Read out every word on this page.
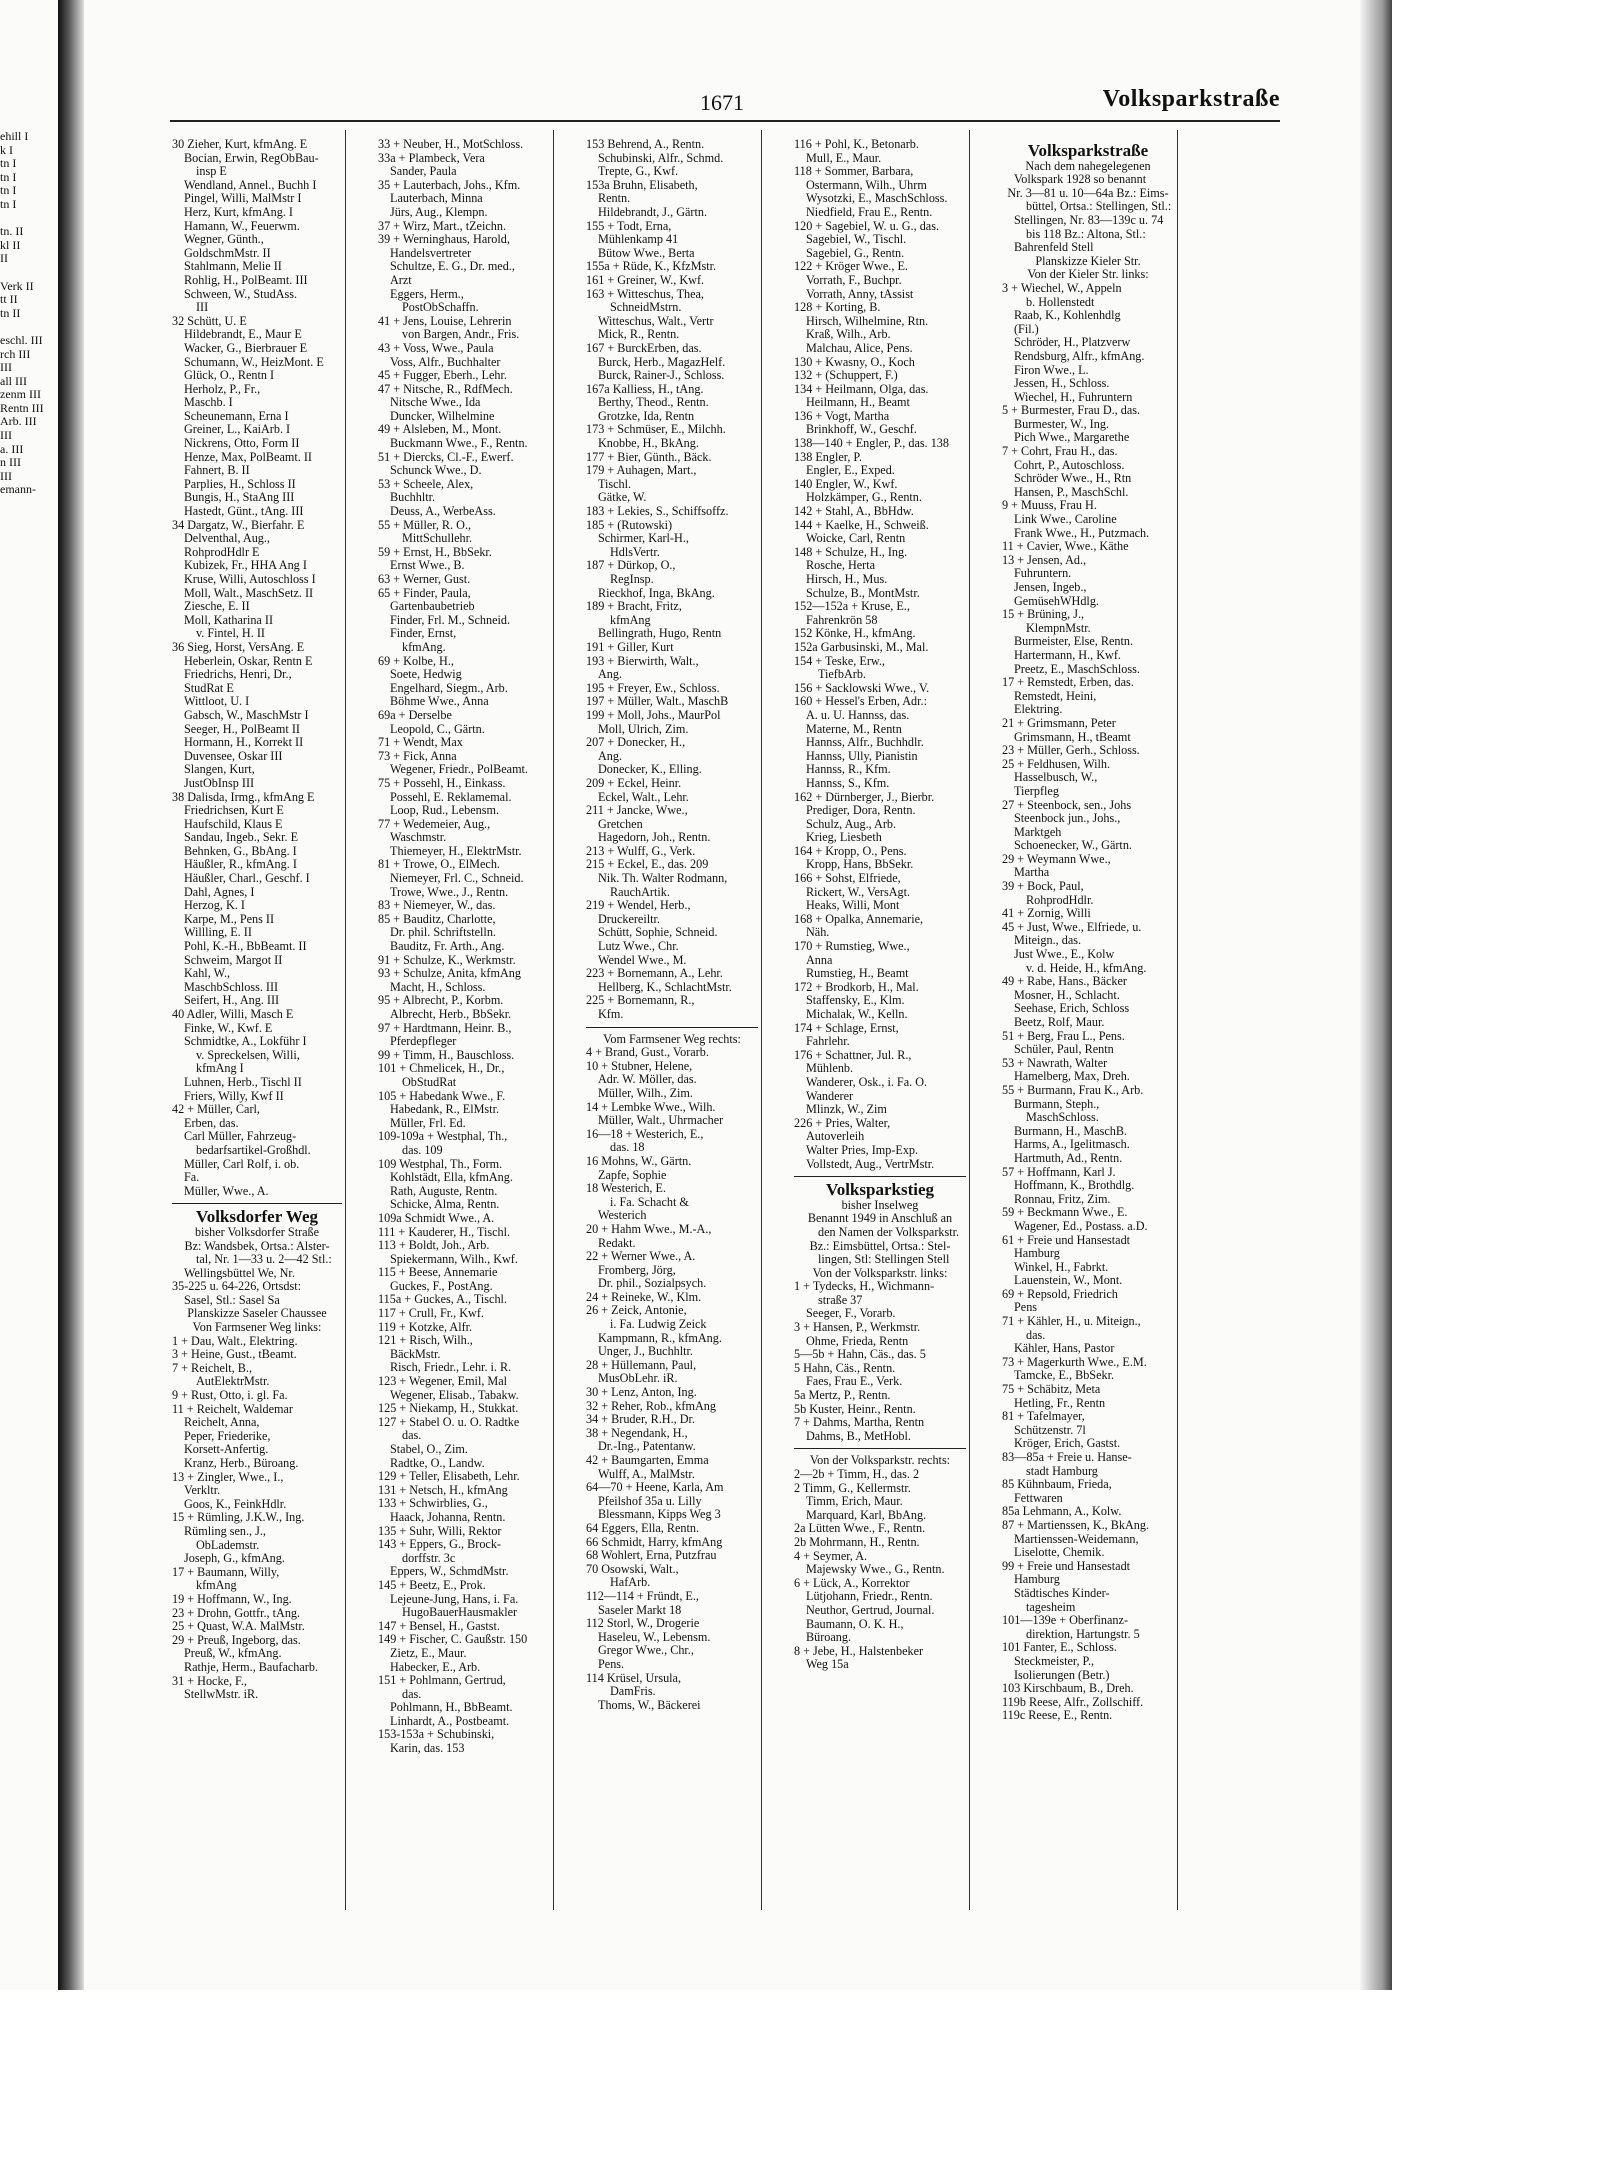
ehill I
k I
tn I
tn I
tn I
tn I

tn. II
kl II
II

Verk II
tt II
tn II

eschl. III
rch III
III
all III
zenm III
Rentn III
Arb. III
III
a. III
n III
III
emann-
1671	Volksparkstraße
30 Zieher, Kurt, kfmAng. E
Bocian, Erwin, RegObBau-
insp E
Wendland, Annel., Buchh I
Pingel, Willi, MalMstr I
Herz, Kurt, kfmAng. I
Hamann, W., Feuerwm.
Wegner, Günth.,
GoldschmMstr. II
Stahlmann, Melie II
Rohlig, H., PolBeamt. III
Schween, W., StudAss.
III
32 Schütt, U. E
Hildebrandt, E., Maur E
Wacker, G., Bierbrauer E
Schumann, W., HeizMont. E
Glück, O., Rentn I
Herholz, P., Fr.,
Maschb. I
Scheunemann, Erna I
Greiner, L., KaiArb. I
Nickrens, Otto, Form II
Henze, Max, PolBeamt. II
Fahnert, B. II
Parplies, H., Schloss II
Bungis, H., StaAng III
Hastedt, Günt., tAng. III
34 Dargatz, W., Bierfahr. E
Delventhal, Aug.,
RohprodHdlr E
Kubizek, Fr., HHA Ang I
Kruse, Willi, Autoschloss I
Moll, Walt., MaschSetz. II
Ziesche, E. II
Moll, Katharina II
v. Fintel, H. II
36 Sieg, Horst, VersAng. E
Heberlein, Oskar, Rentn E
Friedrichs, Henri, Dr.,
StudRat E
Wittloot, U. I
Gabsch, W., MaschMstr I
Seeger, H., PolBeamt II
Hormann, H., Korrekt II
Duvensee, Oskar III
Slangen, Kurt,
JustObInsp III
38 Dalisda, Irmg., kfmAng E
Friedrichsen, Kurt E
Haufschild, Klaus E
Sandau, Ingeb., Sekr. E
Behnken, G., BbAng. I
Häußler, R., kfmAng. I
Häußler, Charl., Geschf. I
Dahl, Agnes, I
Herzog, K. I
Karpe, M., Pens II
Willling, E. II
Pohl, K.-H., BbBeamt. II
Schweim, Margot II
Kahl, W.,
MaschbSchloss. III
Seifert, H., Ang. III
40 Adler, Willi, Masch E
Finke, W., Kwf. E
Schmidtke, A., Lokführ I
v. Spreckelsen, Willi,
kfmAng I
Luhnen, Herb., Tischl II
Friers, Willy, Kwf II
42 + Müller, Carl,
Erben, das.
Carl Müller, Fahrzeug-
bedarfsartikel-Großhdl.
Müller, Carl Rolf, i. ob.
Fa.
Müller, Wwe., A.
Volksdorfer Weg
bisher Volksdorfer Straße
Bz: Wandsbek, Ortsa.: Alster-
tal, Nr. 1—33 u. 2—42 Stl.:
Wellingsbüttel We, Nr.
35-225 u. 64-226, Ortsdst:
Sasel, Stl.: Sasel Sa
Planskizze Saseler Chaussee
Von Farmsener Weg links:
1 + Dau, Walt., Elektring.
3 + Heine, Gust., tBeamt.
7 + Reichelt, B.,
AutElektrMstr.
9 + Rust, Otto, i. gl. Fa.
11 + Reichelt, Waldemar
Reichelt, Anna,
Peper, Friederike,
Korsett-Anfertig.
Kranz, Herb., Büroang.
13 + Zingler, Wwe., I.,
Verkltr.
Goos, K., FeinkHdlr.
15 + Rümling, J.K.W., Ing.
Rümling sen., J.,
ObLademstr.
Joseph, G., kfmAng.
17 + Baumann, Willy,
kfmAng
19 + Hoffmann, W., Ing.
23 + Drohn, Gottfr., tAng.
25 + Quast, W.A. MalMstr.
29 + Preuß, Ingeborg, das.
Preuß, W., kfmAng.
Rathje, Herm., Baufacharb.
31 + Hocke, F.,
StellwMstr. iR.
33 + Neuber, H., MotSchloss.
33a + Plambeck, Vera
Sander, Paula
35 + Lauterbach, Johs., Kfm.
Lauterbach, Minna
Jürs, Aug., Klempn.
37 + Wirz, Mart., tZeichn.
39 + Werninghaus, Harold,
Handelsvertreter
Schultze, E. G., Dr. med.,
Arzt
Eggers, Herm.,
PostObSchaffn.
41 + Jens, Louise, Lehrerin
von Bargen, Andr., Fris.
43 + Voss, Wwe., Paula
Voss, Alfr., Buchhalter
45 + Fugger, Eberh., Lehr.
47 + Nitsche, R., RdfMech.
Nitsche Wwe., Ida
Duncker, Wilhelmine
49 + Alsleben, M., Mont.
Buckmann Wwe., F., Rentn.
51 + Diercks, Cl.-F., Ewerf.
Schunck Wwe., D.
53 + Scheele, Alex,
Buchhltr.
Deuss, A., WerbeAss.
55 + Müller, R. O.,
MittSchullehr.
59 + Ernst, H., BbSekr.
Ernst Wwe., B.
63 + Werner, Gust.
65 + Finder, Paula,
Gartenbaubetrieb
Finder, Frl. M., Schneid.
Finder, Ernst,
kfmAng.
69 + Kolbe, H.,
Soete, Hedwig
Engelhard, Siegm., Arb.
Böhme Wwe., Anna
69a + Derselbe
Leopold, C., Gärtn.
71 + Wendt, Max
73 + Fick, Anna
Wegener, Friedr., PolBeamt.
75 + Possehl, H., Einkass.
Possehl, E. Reklamemal.
Loop, Rud., Lebensm.
77 + Wedemeier, Aug.,
Waschmstr.
Thiemeyer, H., ElektrMstr.
81 + Trowe, O., ElMech.
Niemeyer, Frl. C., Schneid.
Trowe, Wwe., J., Rentn.
83 + Niemeyer, W., das.
85 + Bauditz, Charlotte,
Dr. phil. Schriftstelln.
Bauditz, Fr. Arth., Ang.
91 + Schulze, K., Werkmstr.
93 + Schulze, Anita, kfmAng
Macht, H., Schloss.
95 + Albrecht, P., Korbm.
Albrecht, Herb., BbSekr.
97 + Hardtmann, Heinr. B.,
Pferdepfleger
99 + Timm, H., Bauschloss.
101 + Chmelicek, H., Dr.,
ObStudRat
105 + Habedank Wwe., F.
Habedank, R., ElMstr.
Müller, Frl. Ed.
109-109a + Westphal, Th.,
das. 109
109 Westphal, Th., Form.
Kohlstädt, Ella, kfmAng.
Rath, Auguste, Rentn.
Schicke, Alma, Rentn.
109a Schmidt Wwe., A.
111 + Kauderer, H., Tischl.
113 + Boldt, Joh., Arb.
Spiekermann, Wilh., Kwf.
115 + Beese, Annemarie
Guckes, F., PostAng.
115a + Guckes, A., Tischl.
117 + Crull, Fr., Kwf.
119 + Kotzke, Alfr.
121 + Risch, Wilh.,
BäckMstr.
Risch, Friedr., Lehr. i. R.
123 + Wegener, Emil, Mal
Wegener, Elisab., Tabakw.
125 + Niekamp, H., Stukkat.
127 + Stabel O. u. O. Radtke
das.
Stabel, O., Zim.
Radtke, O., Landw.
129 + Teller, Elisabeth, Lehr.
131 + Netsch, H., kfmAng
133 + Schwirblies, G.,
Haack, Johanna, Rentn.
135 + Suhr, Willi, Rektor
143 + Eppers, G., Brock-
dorffstr. 3c
Eppers, W., SchmdMstr.
145 + Beetz, E., Prok.
Lejeune-Jung, Hans, i. Fa.
HugoBauerHausmakler
147 + Bensel, H., Gastst.
149 + Fischer, C. Gaußstr. 150
Zietz, E., Maur.
Habecker, E., Arb.
151 + Pohlmann, Gertrud,
das.
Pohlmann, H., BbBeamt.
Linhardt, A., Postbeamt.
153-153a + Schubinski,
Karin, das. 153
153 Behrend, A., Rentn.
Schubinski, Alfr., Schmd.
Trepte, G., Kwf.
153a Bruhn, Elisabeth,
Rentn.
Hildebrandt, J., Gärtn.
155 + Todt, Erna,
Mühlenkamp 41
Bütow Wwe., Berta
155a + Rüde, K., KfzMstr.
161 + Greiner, W., Kwf.
163 + Witteschus, Thea,
SchneidMstrn.
Witteschus, Walt., Vertr
Mick, R., Rentn.
167 + BurckErben, das.
Burck, Herb., MagazHelf.
Burck, Rainer-J., Schloss.
167a Kalliess, H., tAng.
Berthy, Theod., Rentn.
Grotzke, Ida, Rentn
173 + Schmüser, E., Milchh.
Knobbe, H., BkAng.
177 + Bier, Günth., Bäck.
179 + Auhagen, Mart.,
Tischl.
Gätke, W.
183 + Lekies, S., Schiffsoffz.
185 + (Rutowski)
Schirmer, Karl-H.,
HdlsVertr.
187 + Dürkop, O.,
RegInsp.
Rieckhof, Inga, BkAng.
189 + Bracht, Fritz,
kfmAng
Bellingrath, Hugo, Rentn
191 + Giller, Kurt
193 + Bierwirth, Walt.,
Ang.
195 + Freyer, Ew., Schloss.
197 + Müller, Walt., MaschB
199 + Moll, Johs., MaurPol
Moll, Ulrich, Zim.
207 + Donecker, H.,
Ang.
Donecker, K., Elling.
209 + Eckel, Heinr.
Eckel, Walt., Lehr.
211 + Jancke, Wwe.,
Gretchen
Hagedorn, Joh., Rentn.
213 + Wulff, G., Verk.
215 + Eckel, E., das. 209
Nik. Th. Walter Rodmann,
RauchArtik.
219 + Wendel, Herb.,
Druckereiltr.
Schütt, Sophie, Schneid.
Lutz Wwe., Chr.
Wendel Wwe., M.
223 + Bornemann, A., Lehr.
Hellberg, K., SchlachtMstr.
225 + Bornemann, R.,
Kfm.
Vom Farmsener Weg rechts:
4 + Brand, Gust., Vorarb.
10 + Stubner, Helene,
Adr. W. Möller, das.
Müller, Wilh., Zim.
14 + Lembke Wwe., Wilh.
Müller, Walt., Uhrmacher
16—18 + Westerich, E.,
das. 18
16 Mohns, W., Gärtn.
Zapfe, Sophie
18 Westerich, E.
i. Fa. Schacht &
Westerich
20 + Hahm Wwe., M.-A.,
Redakt.
22 + Werner Wwe., A.
Fromberg, Jörg,
Dr. phil., Sozialpsych.
24 + Reineke, W., Klm.
26 + Zeick, Antonie,
i. Fa. Ludwig Zeick
Kampmann, R., kfmAng.
Unger, J., Buchhltr.
28 + Hüllemann, Paul,
MusObLehr. iR.
30 + Lenz, Anton, Ing.
32 + Reher, Rob., kfmAng
34 + Bruder, R.H., Dr.
38 + Negendank, H.,
Dr.-Ing., Patentanw.
42 + Baumgarten, Emma
Wulff, A., MalMstr.
64—70 + Heene, Karla, Am
Pfeilshof 35a u. Lilly
Blessmann, Kipps Weg 3
64 Eggers, Ella, Rentn.
66 Schmidt, Harry, kfmAng
68 Wohlert, Erna, Putzfrau
70 Osowski, Walt.,
HafArb.
112—114 + Fründt, E.,
Saseler Markt 18
112 Storl, W., Drogerie
Haseleu, W., Lebensm.
Gregor Wwe., Chr.,
Pens.
114 Krüsel, Ursula,
DamFris.
Thoms, W., Bäckerei
116 + Pohl, K., Betonarb.
Mull, E., Maur.
118 + Sommer, Barbara,
Ostermann, Wilh., Uhrm
Wysotzki, E., MaschSchloss.
Niedfield, Frau E., Rentn.
120 + Sagebiel, W. u. G., das.
Sagebiel, W., Tischl.
Sagebiel, G., Rentn.
122 + Kröger Wwe., E.
Vorrath, F., Buchpr.
Vorrath, Anny, tAssist
128 + Korting, B.
Hirsch, Wilhelmine, Rtn.
Kraß, Wilh., Arb.
Malchau, Alice, Pens.
130 + Kwasny, O., Koch
132 + (Schuppert, F.)
134 + Heilmann, Olga, das.
Heilmann, H., Beamt
136 + Vogt, Martha
Brinkhoff, W., Geschf.
138—140 + Engler, P., das. 138
138 Engler, P.
Engler, E., Exped.
140 Engler, W., Kwf.
Holzkämper, G., Rentn.
142 + Stahl, A., BbHdw.
144 + Kaelke, H., Schweiß.
Woicke, Carl, Rentn
148 + Schulze, H., Ing.
Rosche, Herta
Hirsch, H., Mus.
Schulze, B., MontMstr.
152—152a + Kruse, E.,
Fahrenkrön 58
152 Könke, H., kfmAng.
152a Garbusinski, M., Mal.
154 + Teske, Erw.,
TiefbArb.
156 + Sacklowski Wwe., V.
160 + Hessel's Erben, Adr.:
A. u. U. Hannss, das.
Materne, M., Rentn
Hannss, Alfr., Buchhdlr.
Hannss, Ully, Pianistin
Hannss, R., Kfm.
Hannss, S., Kfm.
162 + Dürnberger, J., Bierbr.
Prediger, Dora, Rentn.
Schulz, Aug., Arb.
Krieg, Liesbeth
164 + Kropp, O., Pens.
Kropp, Hans, BbSekr.
166 + Sohst, Elfriede,
Rickert, W., VersAgt.
Heaks, Willi, Mont
168 + Opalka, Annemarie,
Näh.
170 + Rumstieg, Wwe.,
Anna
Rumstieg, H., Beamt
172 + Brodkorb, H., Mal.
Staffensky, E., Klm.
Michalak, W., Kelln.
174 + Schlage, Ernst,
Fahrlehr.
176 + Schattner, Jul. R.,
Mühlenb.
Wanderer, Osk., i. Fa. O.
Wanderer
Mlinzk, W., Zim
226 + Pries, Walter,
Autoverleih
Walter Pries, Imp-Exp.
Vollstedt, Aug., VertrMstr.
Volksparkstieg
bisher Inselweg
Benannt 1949 in Anschluß an
den Namen der Volksparkstr.
Bz.: Eimsbüttel, Ortsa.: Stel-
lingen, Stl: Stellingen Stell
Von der Volksparkstr. links:
1 + Tydecks, H., Wichmann-
straße 37
Seeger, F., Vorarb.
3 + Hansen, P., Werkmstr.
Ohme, Frieda, Rentn
5—5b + Hahn, Cäs., das. 5
5 Hahn, Cäs., Rentn.
Faes, Frau E., Verk.
5a Mertz, P., Rentn.
5b Kuster, Heinr., Rentn.
7 + Dahms, Martha, Rentn
Dahms, B., MetHobl.
Von der Volksparkstr. rechts:
2—2b + Timm, H., das. 2
2 Timm, G., Kellermstr.
Timm, Erich, Maur.
Marquard, Karl, BbAng.
2a Lütten Wwe., F., Rentn.
2b Mohrmann, H., Rentn.
4 + Seymer, A.
Majewsky Wwe., G., Rentn.
6 + Lück, A., Korrektor
Lütjohann, Friedr., Rentn.
Neuthor, Gertrud, Journal.
Baumann, O. K. H.,
Büroang.
8 + Jebe, H., Halstenbeker
Weg 15a
Volksparkstraße
Nach dem nahegelegenen
Volkspark 1928 so benannt
Nr. 3—81 u. 10—64a Bz.: Eims-
büttel, Ortsa.: Stellingen, Stl.:
Stellingen, Nr. 83—139c u. 74
bis 118 Bz.: Altona, Stl.:
Bahrenfeld Stell
Planskizze Kieler Str.
Von der Kieler Str. links:
3 + Wiechel, W., Appeln
b. Hollenstedt
Raab, K., Kohlenhdlg
(Fil.)
Schröder, H., Platzverw
Rendsburg, Alfr., kfmAng.
Firon Wwe., L.
Jessen, H., Schloss.
Wiechel, H., Fuhruntern
5 + Burmester, Frau D., das.
Burmester, W., Ing.
Pich Wwe., Margarethe
7 + Cohrt, Frau H., das.
Cohrt, P., Autoschloss.
Schröder Wwe., H., Rtn
Hansen, P., MaschSchl.
9 + Muuss, Frau H.
Link Wwe., Caroline
Frank Wwe., H., Putzmach.
11 + Cavier, Wwe., Käthe
13 + Jensen, Ad.,
Fuhruntern.
Jensen, Ingeb.,
GemüsehWHdlg.
15 + Brüning, J.,
KlempnMstr.
Burmeister, Else, Rentn.
Hartermann, H., Kwf.
Preetz, E., MaschSchloss.
17 + Remstedt, Erben, das.
Remstedt, Heini,
Elektring.
21 + Grimsmann, Peter
Grimsmann, H., tBeamt
23 + Müller, Gerh., Schloss.
25 + Feldhusen, Wilh.
Hasselbusch, W.,
Tierpfleg
27 + Steenbock, sen., Johs
Steenbock jun., Johs.,
Marktgeh
Schoenecker, W., Gärtn.
29 + Weymann Wwe.,
Martha
39 + Bock, Paul,
RohprodHdlr.
41 + Zornig, Willi
45 + Just, Wwe., Elfriede, u.
Miteign., das.
Just Wwe., E., Kolw
v. d. Heide, H., kfmAng.
49 + Rabe, Hans., Bäcker
Mosner, H., Schlacht.
Seehase, Erich, Schloss
Beetz, Rolf, Maur.
51 + Berg, Frau L., Pens.
Schüler, Paul, Rentn
53 + Nawrath, Walter
Hamelberg, Max, Dreh.
55 + Burmann, Frau K., Arb.
Burmann, Steph.,
MaschSchloss.
Burmann, H., MaschB.
Harms, A., Igelitmasch.
Hartmuth, Ad., Rentn.
57 + Hoffmann, Karl J.
Hoffmann, K., Brothdlg.
Ronnau, Fritz, Zim.
59 + Beckmann Wwe., E.
Wagener, Ed., Postass. a.D.
61 + Freie und Hansestadt
Hamburg
Winkel, H., Fabrkt.
Lauenstein, W., Mont.
69 + Repsold, Friedrich
Pens
71 + Kähler, H., u. Miteign.,
das.
Kähler, Hans, Pastor
73 + Magerkurth Wwe., E.M.
Tamcke, E., BbSekr.
75 + Schäbitz, Meta
Hetling, Fr., Rentn
81 + Tafelmayer,
Schützenstr. 7l
Kröger, Erich, Gastst.
83—85a + Freie u. Hanse-
stadt Hamburg
85 Kühnbaum, Frieda,
Fettwaren
85a Lehmann, A., Kolw.
87 + Martienssen, K., BkAng.
Martienssen-Weidemann,
Liselotte, Chemik.
99 + Freie und Hansestadt
Hamburg
Städtisches Kinder-
tagesheim
101—139e + Oberfinanz-
direktion, Hartungstr. 5
101 Fanter, E., Schloss.
Steckmeister, P.,
Isolierungen (Betr.)
103 Kirschbaum, B., Dreh.
119b Reese, Alfr., Zollschiff.
119c Reese, E., Rentn.
